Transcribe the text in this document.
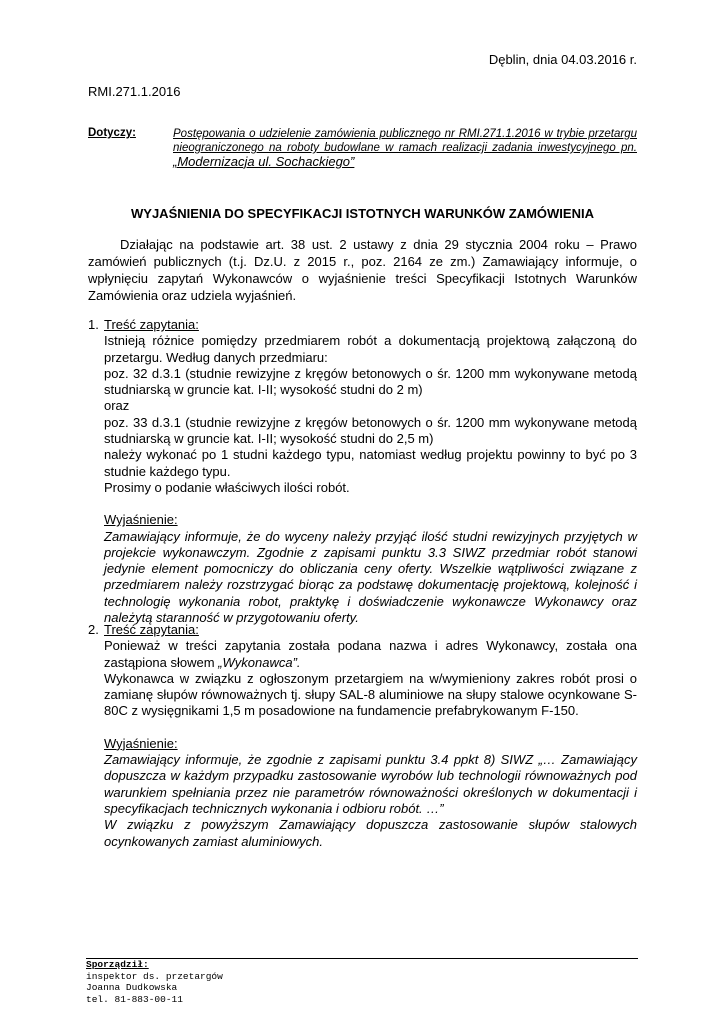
Dęblin, dnia 04.03.2016 r.
RMI.271.1.2016
Dotyczy:	Postępowania o udzielenie zamówienia publicznego nr RMI.271.1.2016 w trybie przetargu nieograniczonego na roboty budowlane w ramach realizacji zadania inwestycyjnego pn. „Modernizacja ul. Sochackiego”
WYJAŚNIENIA DO SPECYFIKACJI ISTOTNYCH WARUNKÓW ZAMÓWIENIA
Działając na podstawie art. 38 ust. 2 ustawy z dnia 29 stycznia 2004 roku – Prawo zamówień publicznych (t.j. Dz.U. z 2015 r., poz. 2164 ze zm.) Zamawiający informuje, o wpłynięciu zapytań Wykonawców o wyjaśnienie treści Specyfikacji Istotnych Warunków Zamówienia oraz udziela wyjaśnień.
1. Treść zapytania:

Istnieją różnice pomiędzy przedmiarem robót a dokumentacją projektową załączoną do przetargu. Według danych przedmiaru:

poz. 32 d.3.1 (studnie rewizyjne z kręgów betonowych o śr. 1200 mm wykonywane metodą studniarską w gruncie kat. I-II; wysokość studni do 2 m)

oraz

poz. 33 d.3.1 (studnie rewizyjne z kręgów betonowych o śr. 1200 mm wykonywane metodą studniarską w gruncie kat. I-II; wysokość studni do 2,5 m)

należy wykonać po 1 studni każdego typu, natomiast według projektu powinny to być po 3 studnie każdego typu.

Prosimy o podanie właściwych ilości robót.

Wyjaśnienie:

Zamawiający informuje, że do wyceny należy przyjąć ilość studni rewizyjnych przyjętych w projekcie wykonawczym. Zgodnie z zapisami punktu 3.3 SIWZ przedmiar robót stanowi jedynie element pomocniczy do obliczania ceny oferty. Wszelkie wątpliwości związane z przedmiarem należy rozstrzygać biorąc za podstawę dokumentację projektową, kolejność i technologię wykonania robot, praktykę i doświadczenie wykonawcze Wykonawcy oraz należytą staranność w przygotowaniu oferty.

2. Treść zapytania:

Ponieważ w treści zapytania została podana nazwa i adres Wykonawcy, została ona zastąpiona słowem „Wykonawca”.

Wykonawca w związku z ogłoszonym przetargiem na w/wymieniony zakres robót prosi o zamianę słupów równoważnych tj. słupy SAL-8 aluminiowe na słupy stalowe ocynkowane S-80C z wysięgnikami 1,5 m posadowione na fundamencie prefabrykowanym F-150.

Wyjaśnienie:

Zamawiający informuje, że zgodnie z zapisami punktu 3.4 ppkt 8) SIWZ „… Zamawiający dopuszcza w każdym przypadku zastosowanie wyrobów lub technologii równoważnych pod warunkiem spełniania przez nie parametrów równoważności określonych w dokumentacji i specyfikacjach technicznych wykonania i odbioru robót. …”

W związku z powyższym Zamawiający dopuszcza zastosowanie słupów stalowych ocynkowanych zamiast aluminiowych.

Sporządził:
inspektor ds. przetargów
Joanna Dudkowska
tel. 81-883-00-11
